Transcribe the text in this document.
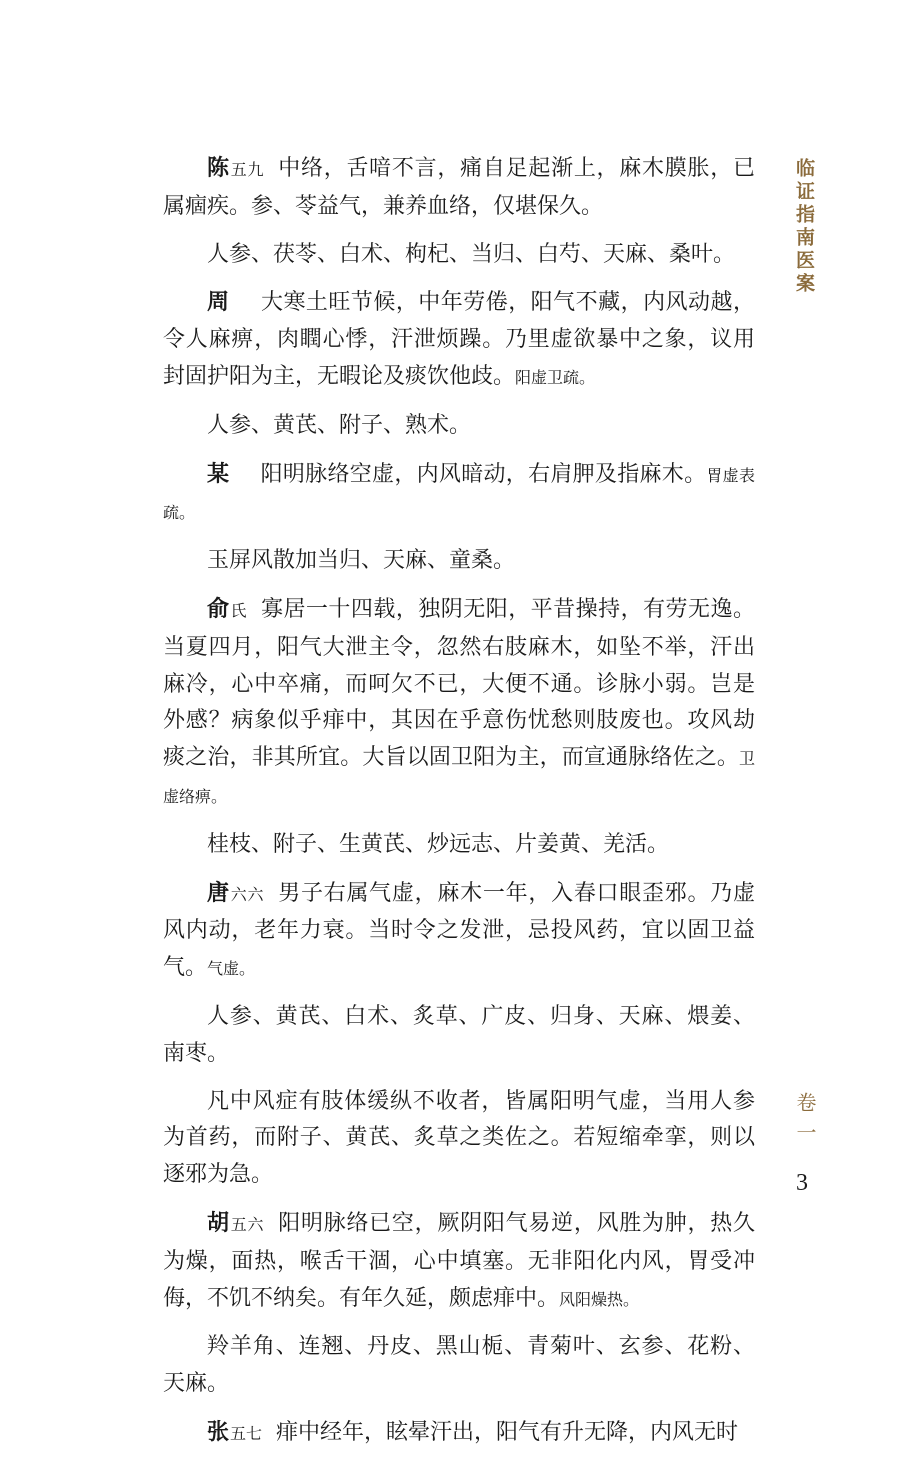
陈五九 中络，舌喑不言，痛自足起渐上，麻木膜胀，已属痼疾。参、苓益气，兼养血络，仅堪保久。

人参、茯苓、白术、枸杞、当归、白芍、天麻、桑叶。

周 大寒土旺节候，中年劳倦，阳气不藏，内风动越，令人麻痹，肉瞤心悸，汗泄烦躁。乃里虚欲暴中之象，议用封固护阳为主，无暇论及痰饮他歧。阳虚卫疏。

人参、黄芪、附子、熟术。

某 阳明脉络空虚，内风暗动，右肩胛及指麻木。胃虚表疏。

玉屏风散加当归、天麻、童桑。

俞氏 寡居一十四载，独阴无阳，平昔操持，有劳无逸。当夏四月，阳气大泄主令，忽然右肢麻木，如坠不举，汗出麻冷，心中卒痛，而呵欠不已，大便不通。诊脉小弱。岂是外感？病象似乎痱中，其因在乎意伤忧愁则肢废也。攻风劫痰之治，非其所宜。大旨以固卫阳为主，而宣通脉络佐之。卫虚络痹。

桂枝、附子、生黄芪、炒远志、片姜黄、羌活。

唐六六 男子右属气虚，麻木一年，入春口眼歪邪。乃虚风内动，老年力衰。当时令之发泄，忌投风药，宜以固卫益气。气虚。

人参、黄芪、白术、炙草、广皮、归身、天麻、煨姜、南枣。

凡中风症有肢体缓纵不收者，皆属阳明气虚，当用人参为首药，而附子、黄芪、炙草之类佐之。若短缩牵挛，则以逐邪为急。

胡五六 阳明脉络已空，厥阴阳气易逆，风胜为肿，热久为燥，面热，喉舌干涸，心中填塞。无非阳化内风，胃受冲侮，不饥不纳矣。有年久延，颇虑痱中。风阳燥热。

羚羊角、连翘、丹皮、黑山栀、青菊叶、玄参、花粉、天麻。

张五七 痱中经年，眩晕汗出，阳气有升无降，内风无时

临证指南医案
卷一
3
